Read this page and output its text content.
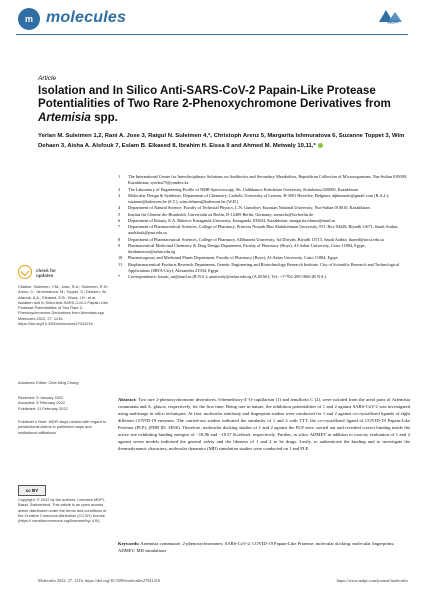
m molecules	MDPI
Article
Isolation and In Silico Anti-SARS-CoV-2 Papain-Like Protease Potentialities of Two Rare 2-Phenoxychromone Derivatives from Artemisia spp.
Yerlan M. Suleimen 1,2, Rani A. Jose 3, Raigul N. Suleimen 4,*, Christoph Arenz 5, Margarita Ishmuratova 6, Suzanne Toppet 3, Wim Dehaen 3, Aisha A. Alsfouk 7, Eslam B. Elkaeed 8, Ibrahim H. Eissa 9 and Ahmed M. Metwaly 10,11,*
1	The International Centre for Interdisciplinary Solutions on Antibiotics and Secondary Metabolites, Republican Collection of Microorganisms, Nur-Sultan 010000, Kazakhstan; syerlan75@yandex.kz
2	The Laboratory of Engineering Profile of NMR Spectroscopy, Sh. Ualikhanov Kokshetau University, Kokshetau 020000, Kazakhstan
3	Molecular Design & Synthesis, Department of Chemistry, Catholic University of Leuven, B-3001 Heverlee, Belgium; alphmanits@gmail.com (R.A.J.); suzanne@kuleuven.be (S.T.); wim.dehaen@kuleuven.be (W.D.)
4	Department of Natural Science, Faculty of Technical Physics, L.N. Gumilyov Eurasian National University, Nur-Sultan 010010, Kazakhstan
5	Institut für Chemie der Humboldt, Universität zu Berlin, D-12489 Berlin, Germany; arenzchr@hu-berlin.de
6	Department of Botany, E.A. Buketov Karaganda University, Karaganda 100024, Kazakhstan; margarita.ishmur@mail.ru
7	Department of Pharmaceutical Sciences, College of Pharmacy, Princess Nourah Bint Abdulrahman University, P.O. Box 84428, Riyadh 11671, Saudi Arabia; aaalsfouk@pnu.edu.sa
8	Department of Pharmaceutical Sciences, College of Pharmacy, AlMaarefa University, Ad Diriyah, Riyadh 13713, Saudi Arabia; ikaeed@mcst.edu.sa
9	Pharmaceutical Medicinal Chemistry & Drug Design Department, Faculty of Pharmacy (Boys), Al-Azhar University, Cairo 11884, Egypt; ibrahimeissa@azhar.edu.eg
10	Pharmacognosy and Medicinal Plants Department, Faculty of Pharmacy (Boys), Al-Azhar University, Cairo 11884, Egypt
11	Biopharmaceutical Products Research Department, Genetic Engineering and Biotechnology Research Institute, City of Scientific Research and Technological Applications (SRTA-City), Alexandria 21934, Egypt
*	Correspondence: kasim_rai@mail.ru (R.N.S.); ametwaly@azhar.edu.eg (A.M.M.); Tel.: +7-702-209-1866 (R.N.S.)
check for
updates
Citation: Suleimen, Y.M.; Jose, R.A.; Suleimen, R.N.; Arenz, C.; Ishmuratova, M.; Toppet, S.; Dehaen, W.; Alsfouk, A.A.; Elkaeed, E.B.; Eissa, I.H.; et al. Isolation and In Silico Anti-SARS-CoV-2 Papain-Like Protease Potentialities of Two Rare 2-Phenoxychromone Derivatives from Artemisia spp. Molecules 2022, 27, 1216. https://doi.org/10.3390/molecules27041216
Academic Editor: Chia Ming Chang
Received: 5 January 2022
Accepted: 6 February 2022
Published: 11 February 2022
Publisher’s Note: MDPI stays neutral with regard to jurisdictional claims in published maps and institutional affiliations.
cc BY
Copyright: © 2022 by the authors. Licensee MDPI, Basel, Switzerland. This article is an open access article distributed under the terms and conditions of the Creative Commons Attribution (CC BY) license (https:// creativecommons.org/licenses/by/ 4.0/).
Abstract: Two rare 2-phenoxychromone derivatives, 6-demethoxy-4′-O-capillarisin (1) and tenuflorin C (2), were isolated from the areal parts of Artemisia commutata and A. glauca, respectively, for the first time. Being rare in nature, the inhibition potentialities of 1 and 2 against SARS-CoV-2 was investigated using multistage in silico techniques. At first, molecular similarity and fingerprint studies were conducted for 1 and 2 against co-crystallized ligands of eight different COVID-19 enzymes. The carried-out studies indicated the similarity of 1 and 2 with TTT, the co-crystallized ligand of COVID-19 Papain-Like Protease (PLP), (PDB ID: 3E9S). Therefore, molecular docking studies of 1 and 2 against the PLP were carried out and revealed correct binding inside the active site exhibiting binding energies of −18.86 and −18.37 Kcal/mol, respectively. Further, in silico ADMET in addition to toxicity evaluation of 1 and 2 against seven models indicated the general safety and the likeness of 1 and 2 to be drugs. Lastly, to authenticate the binding and to investigate the thermodynamic characters, molecular dynamics (MD) simulation studies were conducted on 1 and PLP.
Keywords: Artemisia commutate; 2-phenoxychromones; SARS-CoV-2; COVID-19 Papain-Like Protease; molecular docking; molecular fingerprints; ADMET; MD simulations
Molecules 2022, 27, 1216. https://doi.org/10.3390/molecules27041216	https://www.mdpi.com/journal/molecules
